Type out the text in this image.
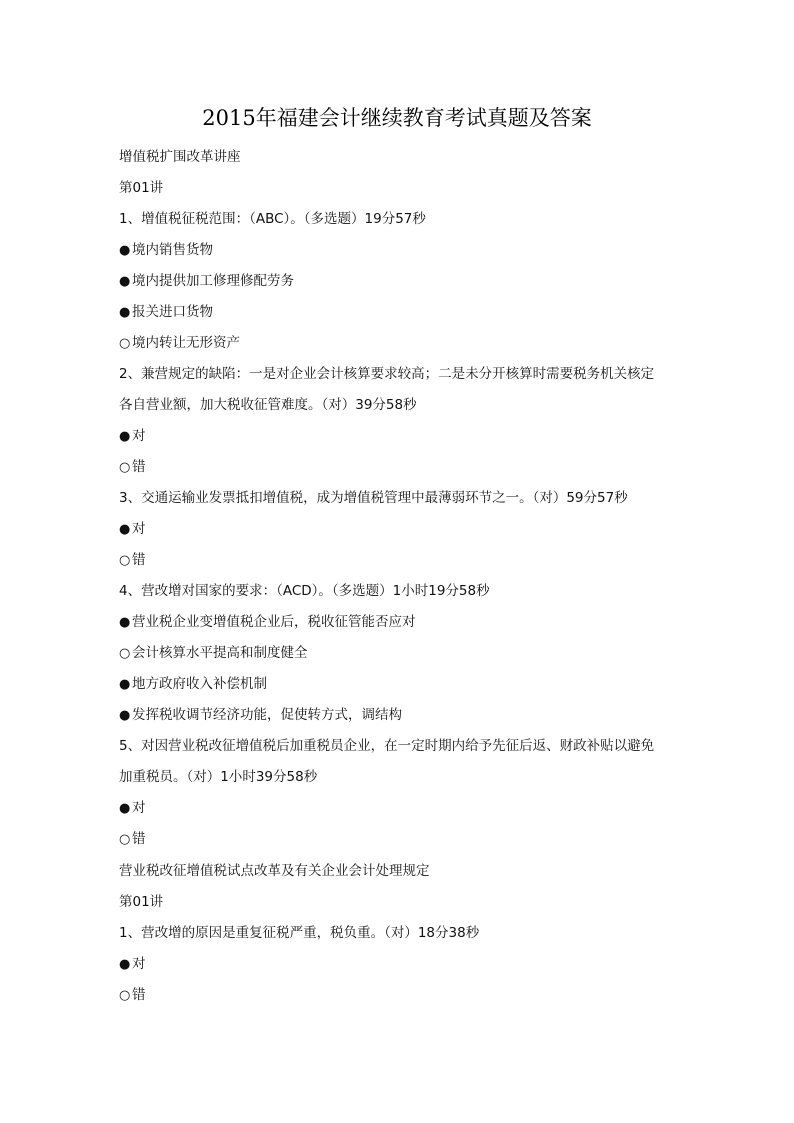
2015年福建会计继续教育考试真题及答案
增值税扩围改革讲座
第01讲
1、增值税征税范围：（ABC）。（多选题）19分57秒
● 境内销售货物
● 境内提供加工修理修配劳务
● 报关进口货物
○ 境内转让无形资产
2、兼营规定的缺陷：一是对企业会计核算要求较高；二是未分开核算时需要税务机关核定
各自营业额，加大税收征管难度。（对）39分58秒
● 对
○ 错
3、交通运输业发票抵扣增值税，成为增值税管理中最薄弱环节之一。（对）59分57秒
● 对
○ 错
4、营改增对国家的要求：（ACD）。（多选题）1小时19分58秒
● 营业税企业变增值税企业后，税收征管能否应对
○ 会计核算水平提高和制度健全
● 地方政府收入补偿机制
● 发挥税收调节经济功能，促使转方式，调结构
5、对因营业税改征增值税后加重税员企业，在一定时期内给予先征后返、财政补贴以避免
加重税员。（对）1小时39分58秒
● 对
○ 错
营业税改征增值税试点改革及有关企业会计处理规定
第01讲
1、营改增的原因是重复征税严重，税负重。（对）18分38秒
● 对
○ 错
